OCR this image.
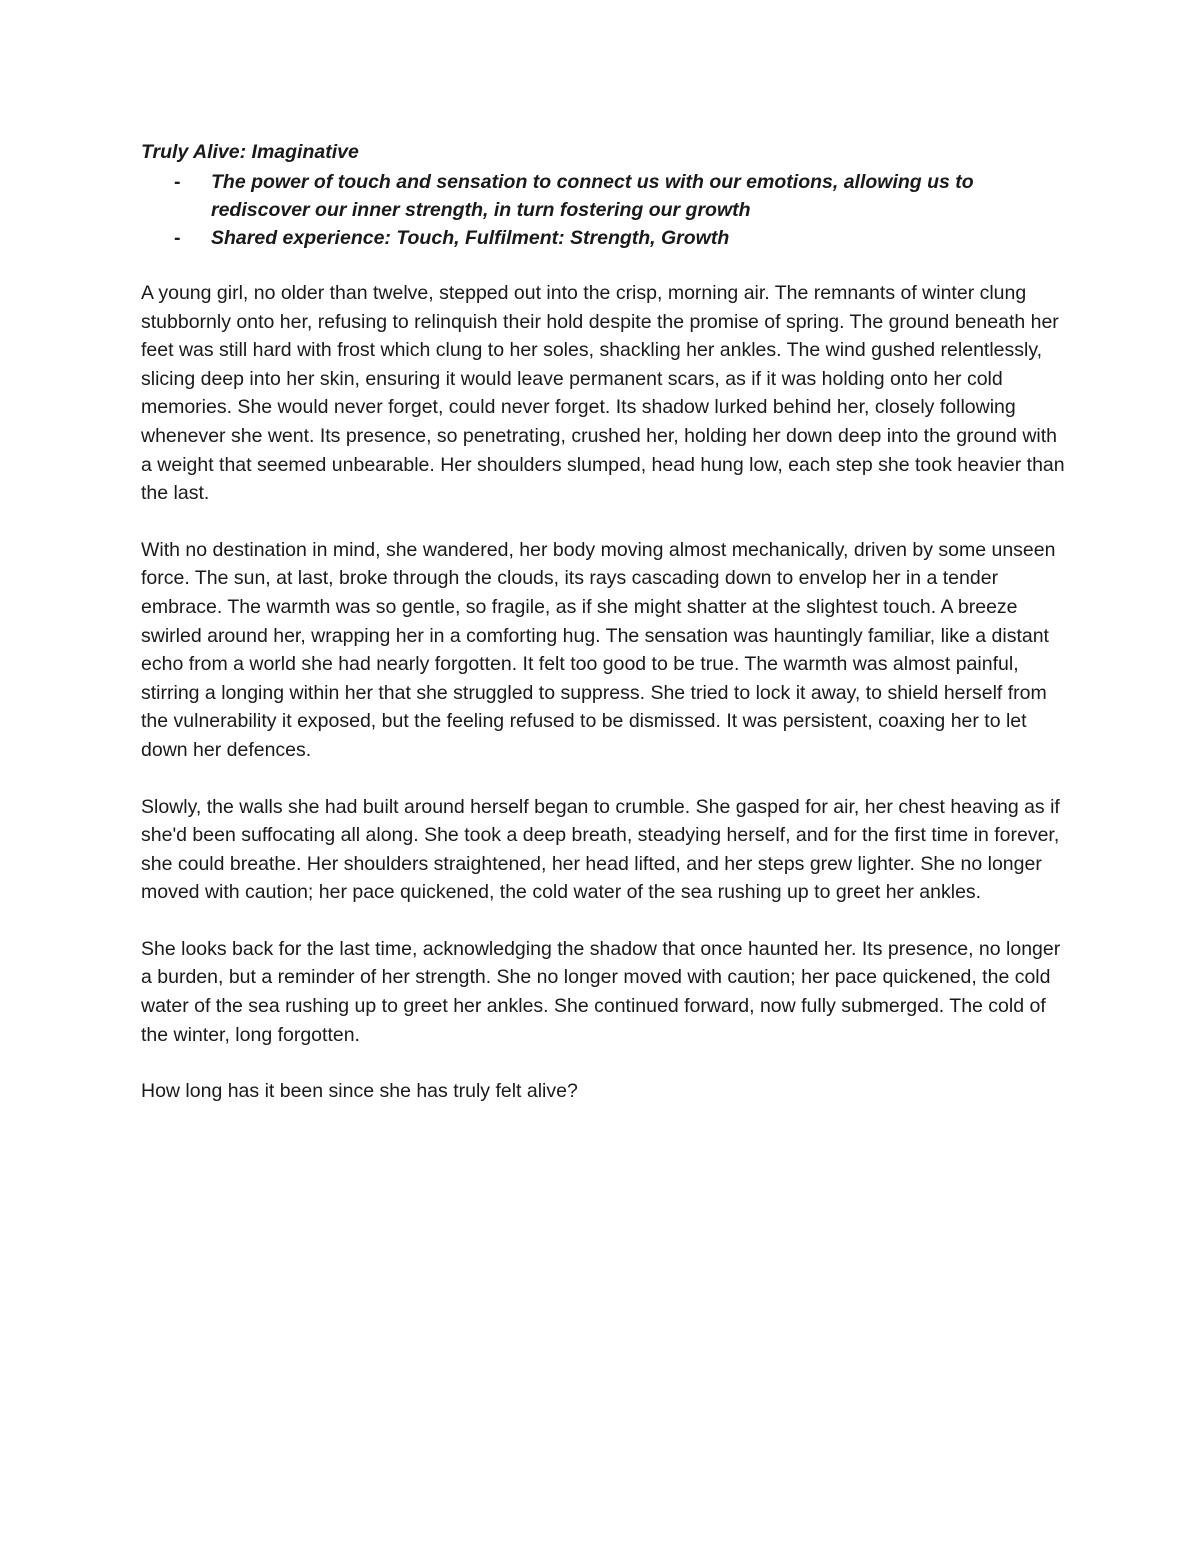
Truly Alive: Imaginative
- The power of touch and sensation to connect us with our emotions, allowing us to rediscover our inner strength, in turn fostering our growth
- Shared experience: Touch, Fulfilment: Strength, Growth

A young girl, no older than twelve, stepped out into the crisp, morning air. The remnants of winter clung stubbornly onto her, refusing to relinquish their hold despite the promise of spring. The ground beneath her feet was still hard with frost which clung to her soles, shackling her ankles. The wind gushed relentlessly, slicing deep into her skin, ensuring it would leave permanent scars, as if it was holding onto her cold memories. She would never forget, could never forget. Its shadow lurked behind her, closely following whenever she went. Its presence, so penetrating, crushed her, holding her down deep into the ground with a weight that seemed unbearable. Her shoulders slumped, head hung low, each step she took heavier than the last.

With no destination in mind, she wandered, her body moving almost mechanically, driven by some unseen force. The sun, at last, broke through the clouds, its rays cascading down to envelop her in a tender embrace. The warmth was so gentle, so fragile, as if she might shatter at the slightest touch. A breeze swirled around her, wrapping her in a comforting hug. The sensation was hauntingly familiar, like a distant echo from a world she had nearly forgotten. It felt too good to be true. The warmth was almost painful, stirring a longing within her that she struggled to suppress. She tried to lock it away, to shield herself from the vulnerability it exposed, but the feeling refused to be dismissed. It was persistent, coaxing her to let down her defences.

Slowly, the walls she had built around herself began to crumble. She gasped for air, her chest heaving as if she'd been suffocating all along. She took a deep breath, steadying herself, and for the first time in forever, she could breathe. Her shoulders straightened, her head lifted, and her steps grew lighter. She no longer moved with caution; her pace quickened, the cold water of the sea rushing up to greet her ankles.

She looks back for the last time, acknowledging the shadow that once haunted her. Its presence, no longer a burden, but a reminder of her strength. She no longer moved with caution; her pace quickened, the cold water of the sea rushing up to greet her ankles. She continued forward, now fully submerged. The cold of the winter, long forgotten.

How long has it been since she has truly felt alive?
